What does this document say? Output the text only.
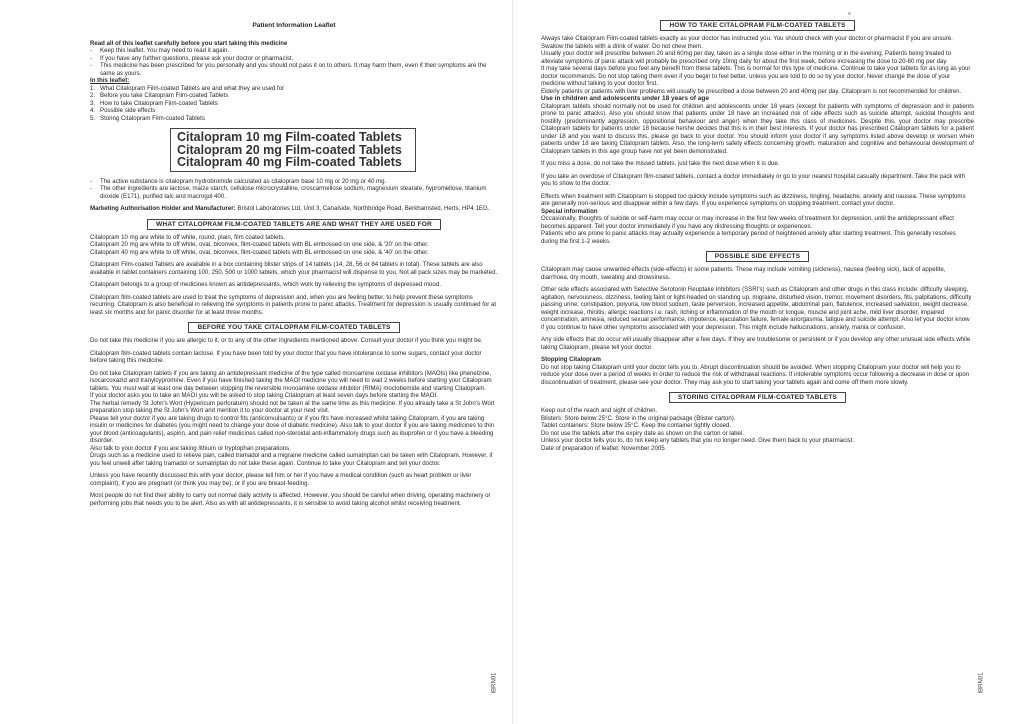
Patient Information Leaflet

Read all of this leaflet carefully before you start taking this medicine

- Keep this leaflet. You may need to read it again.

- If you have any further questions, please ask your doctor or pharmacist.

- This medicine has been prescribed for you personally and you should not pass it on to others. It may harm them, even if their symptoms are the same as yours.

In this leaflet:

1. What Citalopram Film-coated Tablets are and what they are used for

2. Before you take Citalopram Film-coated Tablets

3. How to take Citalopram Film-coated Tablets

4. Possible side effects

5. Storing Citalopram Film-coated Tablets

Citalopram 10 mg Film-coated Tablets
Citalopram 20 mg Film-coated Tablets
Citalopram 40 mg Film-coated Tablets

- The active substance is citalopram hydrobromide calculated as citalopram base 10 mg or 20 mg or 40 mg.

- The other ingredients are lactose, maize starch, cellulose microcrystalline, croscarmellose sodium, magnesium stearate, hypromellose, titanium dioxide (E171), purified talc and macrogol 400.

Marketing Authorisation Holder and Manufacturer: Bristol Laboratories Ltd, Unit 3, Canalside, Northbridge Road, Berkhamsted, Herts, HP4 1EG.

WHAT CITALOPRAM FILM-COATED TABLETS ARE AND WHAT THEY ARE USED FOR

Citalopram 10 mg are white to off white, round, plain, film coated tablets.

Citalopram 20 mg are white to off white, oval, biconvex, film-coated tablets with BL embossed on one side, & '20' on the other.

Citalopram 40 mg are white to off white, oval, biconvex, film-coated tablets with BL embossed on one side, & '40' on the other.

Citalopram Film-coated Tablets are available in a box containing blister strips of 14 tablets (14, 28, 56 or 84 tablets in total). These tablets are also available in tablet containers containing 100, 250, 500 or 1000 tablets, which your pharmacist will dispense to you. Not all pack sizes may be marketed.

Citalopram belongs to a group of medicines known as antidepressants, which work by relieving the symptoms of depressed mood.

Citalopram film-coated tablets are used to treat the symptoms of depression and, when you are feeling better, to help prevent these symptoms recurring. Citalopram is also beneficial in relieving the symptoms in patients prone to panic attacks. Treatment for depression is usually continued for at least six months and for panic disorder for at least three months.

BEFORE YOU TAKE CITALOPRAM FILM-COATED TABLETS

Do not take this medicine if you are allergic to it, or to any of the other ingredients mentioned above. Consult your doctor if you think you might be.

Citalopram film-coated tablets contain lactose. If you have been told by your doctor that you have intolerance to some sugars, contact your doctor before taking this medicine.

Do not take Citalopram tablets if you are taking an antidepressant medicine of the type called monoamine oxidase inhibitors (MAOIs) like phenelzine, isocarcoxazid and tranylcypromine. Even if you have finished taking the MAOI medicine you will need to wait 2 weeks before starting your Citalopram tablets. You must wait at least one day between stopping the reversible monoamine oxidase inhibitor (RIMA) moclobemide and starting Citalopram.
If your doctor asks you to take an MAOI you will be asked to stop taking Citalopram at least seven days before starting the MAOI.
The herbal remedy St John's Wort (Hypericum perforatum) should not be taken at the same time as this medicine. If you already take a St John's Wort preparation stop taking the St John's Wort and mention it to your doctor at your next visit.
Please tell your doctor if you are taking drugs to control fits (anticonvulsants) or if you fits have increased whilst taking Citalopram, if you are taking insulin or medicines for diabetes (you might need to change your dose of diabetic medicine). Also talk to your doctor if you are taking medicines to thin your blood (anticoagulants), aspirin, and pain relief medicines called non-steroidal anti-inflammatory drugs such as ibuprofen or if you have a bleeding disorder.
Also talk to your doctor if you are taking lithium or tryptophan preparations.
Drugs such as a medicine used to relieve pain, called tramadol and a migraine medicine called sumatriptan can be taken with Citalopram. However, if you feel unwell after taking tramadol or sumatriptan do not take these again. Continue to take your Citalopram and tell your doctor.

Unless you have recently discussed this with your doctor, please tell him or her if you have a medical condition (such as heart problem or liver complaint), if you are pregnant (or think you may be), or if you are breast-feeding.

Most people do not find their ability to carry out normal daily activity is affected. However, you should be careful when driving, operating machinery or performing jobs that needs you to be alert. Also as with all antidepressants, it is sensible to avoid taking alcohol whilst receiving treatment.

IBRN01
HOW TO TAKE CITALOPRAM FILM-COATED TABLETS

Always take Citalopram Film-coated tablets exactly as your doctor has instructed you. You should check with your doctor or pharmacist if you are unsure.
Swallow the tablets with a drink of water. Do not chew them.
Usually your doctor will prescribe between 20 and 60mg per day, taken as a single dose either in the morning or in the evening. Patients being treated to alleviate symptoms of panic attack will probably be prescribed only 10mg daily for about the first week, before increasing the dose to 20-60 mg per day.
It may take several days before you feel any benefit from these tablets. This is normal for this type of medicine. Continue to take your tablets for as long as your doctor recommends. Do not stop taking them even if you begin to feel better, unless you are told to do so by your doctor. Never change the dose of your medicine without talking to your doctor first.
Elderly patients or patients with liver problems will usually be prescribed a dose between 20 and 40mg per day. Citalopram is not recommended for children.

Use in children and adolescents under 18 years of age

Citalopram tablets should normally not be used for children and adolescents under 18 years (except for patients with symptoms of depression and in patients prone to panic attacks). Also you should know that patients under 18 have an increased risk of side effects such as suicide attempt, suicidal thoughts and hostility (predominantly aggression, oppositional behaviour and anger) when they take this class of medicines. Despite this, your doctor may prescribe Citalopram tablets for patients under 18 because he/she decides that this is in their best interests. If your doctor has prescribed Citalopram tablets for a patient under 18 and you want to discuss this, please go back to your doctor. You should inform your doctor if any symptoms listed above develop or worsen when patients under 18 are taking Citalopram tablets. Also, the long-term safety effects concerning growth, maturation and cognitive and behavioural development of Citalopram tablets in this age group have not yet been demonstrated.

If you miss a dose, do not take the missed tablets, just take the next dose when it is due.

If you take an overdose of Citalopram film-coated tablets, contact a doctor immediately or go to your nearest hospital casualty department. Take the pack with you to show to the doctor.

Effects when treatment with Citalopram is stopped too quickly include symptoms such as dizziness, tingling, headache, anxiety and nausea. These symptoms are generally non-serious and disappear within a few days. If you experience symptoms on stopping treatment, contact your doctor.

Special information

Occasionally, thoughts of suicide or self-harm may occur or may increase in the first few weeks of treatment for depression, until the antidepressant effect becomes apparent. Tell your doctor immediately if you have any distressing thoughts or experiences.
Patients who are prone to panic attacks may actually experience a temporary period of heightened anxiety after starting treatment. This generally resolves during the first 1-2 weeks.

POSSIBLE SIDE EFFECTS

Citalopram may cause unwanted effects (side-effects) in some patients. These may include vomiting (sickness), nausea (feeling sick), lack of appetite, diarrhoea, dry mouth, sweating and drowsiness.

Other side effects associated with Selective Serotonin Reuptake Inhibitors (SSRI's) such as Citalopram and other drugs in this class include: difficulty sleeping, agitation, nervousness, dizziness, feeling faint or light-headed on standing up, migraine, disturbed vision, tremor, movement disorders, fits, palpitations, difficulty passing urine, constipation, polyuria, low blood sodium, taste perversion, increased appetite, abdominal pain, flatulence, increased salivation, weight decrease, weight increase, rhinitis, allergic reactions i.e. rash, itching or inflammation of the mouth or tongue, muscle and joint ache, mild liver disorder, impaired concentration, amnesia, reduced sexual performance, impotence, ejaculation failure, female anorgasmia, fatigue and suicide attempt. Also let your doctor know if you continue to have other symptoms associated with your depression. This might include hallucinations, anxiety, mania or confusion.

Any side effects that do occur will usually disappear after a few days. If they are troublesome or persistent or if you develop any other unusual side effects while taking Citalopram, please tell your doctor.

Stopping Citalopram

Do not stop taking Citalopram until your doctor tells you to. Abrupt discontinuation should be avoided. When stopping Citalopram your doctor will help you to reduce your dose over a period of weeks in order to reduce the risk of withdrawal reactions. If intolerable symptoms occur following a decrease in dose or upon discontinuation of treatment, please see your doctor. They may ask you to start taking your tablets again and come off them more slowly.

STORING CITALOPRAM FILM-COATED TABLETS

Keep out of the reach and sight of children.

Blisters: Store below 25°C. Store in the original package (Blister carton).

Tablet containers: Store below 25°C. Keep the container tightly closed.

Do not use the tablets after the expiry date as shown on the carton or label.

Unless your doctor tells you to, do not keep any tablets that you no longer need. Give them back to your pharmacist.

Date of preparation of leaflet: November 2005.

IBRN01
